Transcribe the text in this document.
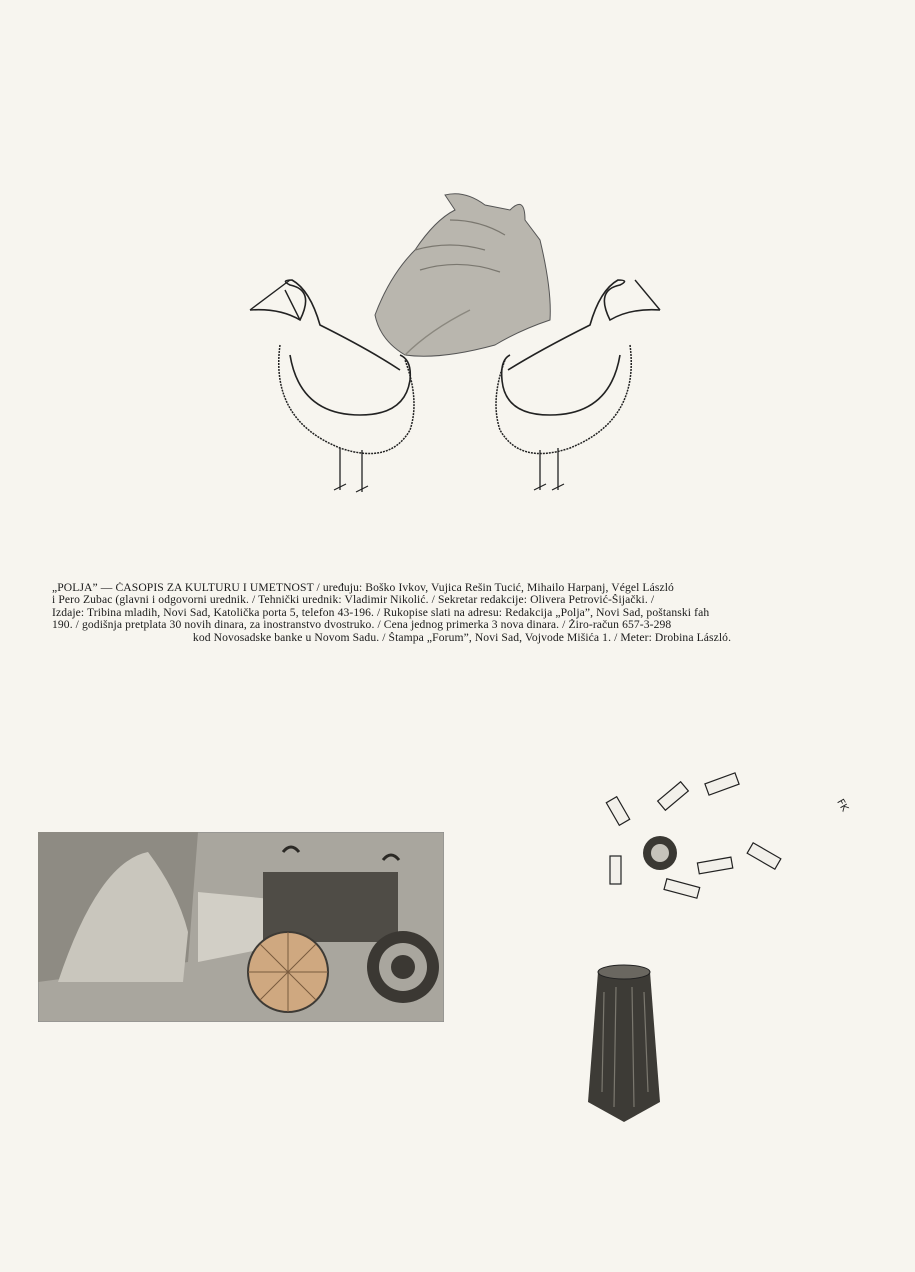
„POLJA” — ČASOPIS ZA KULTURU I UMETNOST / uređuju: Boško Ivkov, Vujica Rešin Tucić, Mihailo Harpanj, Végel László
i Pero Zubac (glavni i odgovorni urednik. / Tehnički urednik: Vladimir Nikolić. / Sekretar redakcije: Olivera Petrović-Šijački. /
Izdaje: Tribina mladih, Novi Sad, Katolička porta 5, telefon 43-196. / Rukopise slati na adresu: Redakcija „Polja”, Novi Sad, poštanski fah
190. / godišnja pretplata 30 novih dinara, za inostranstvo dvostruko. / Cena jednog primerka 3 nova dinara. / Žiro-račun 657-3-298
kod Novosadske banke u Novom Sadu. / Štampa „Forum”, Novi Sad, Vojvode Mišića 1. / Meter: Drobina László.
FK
